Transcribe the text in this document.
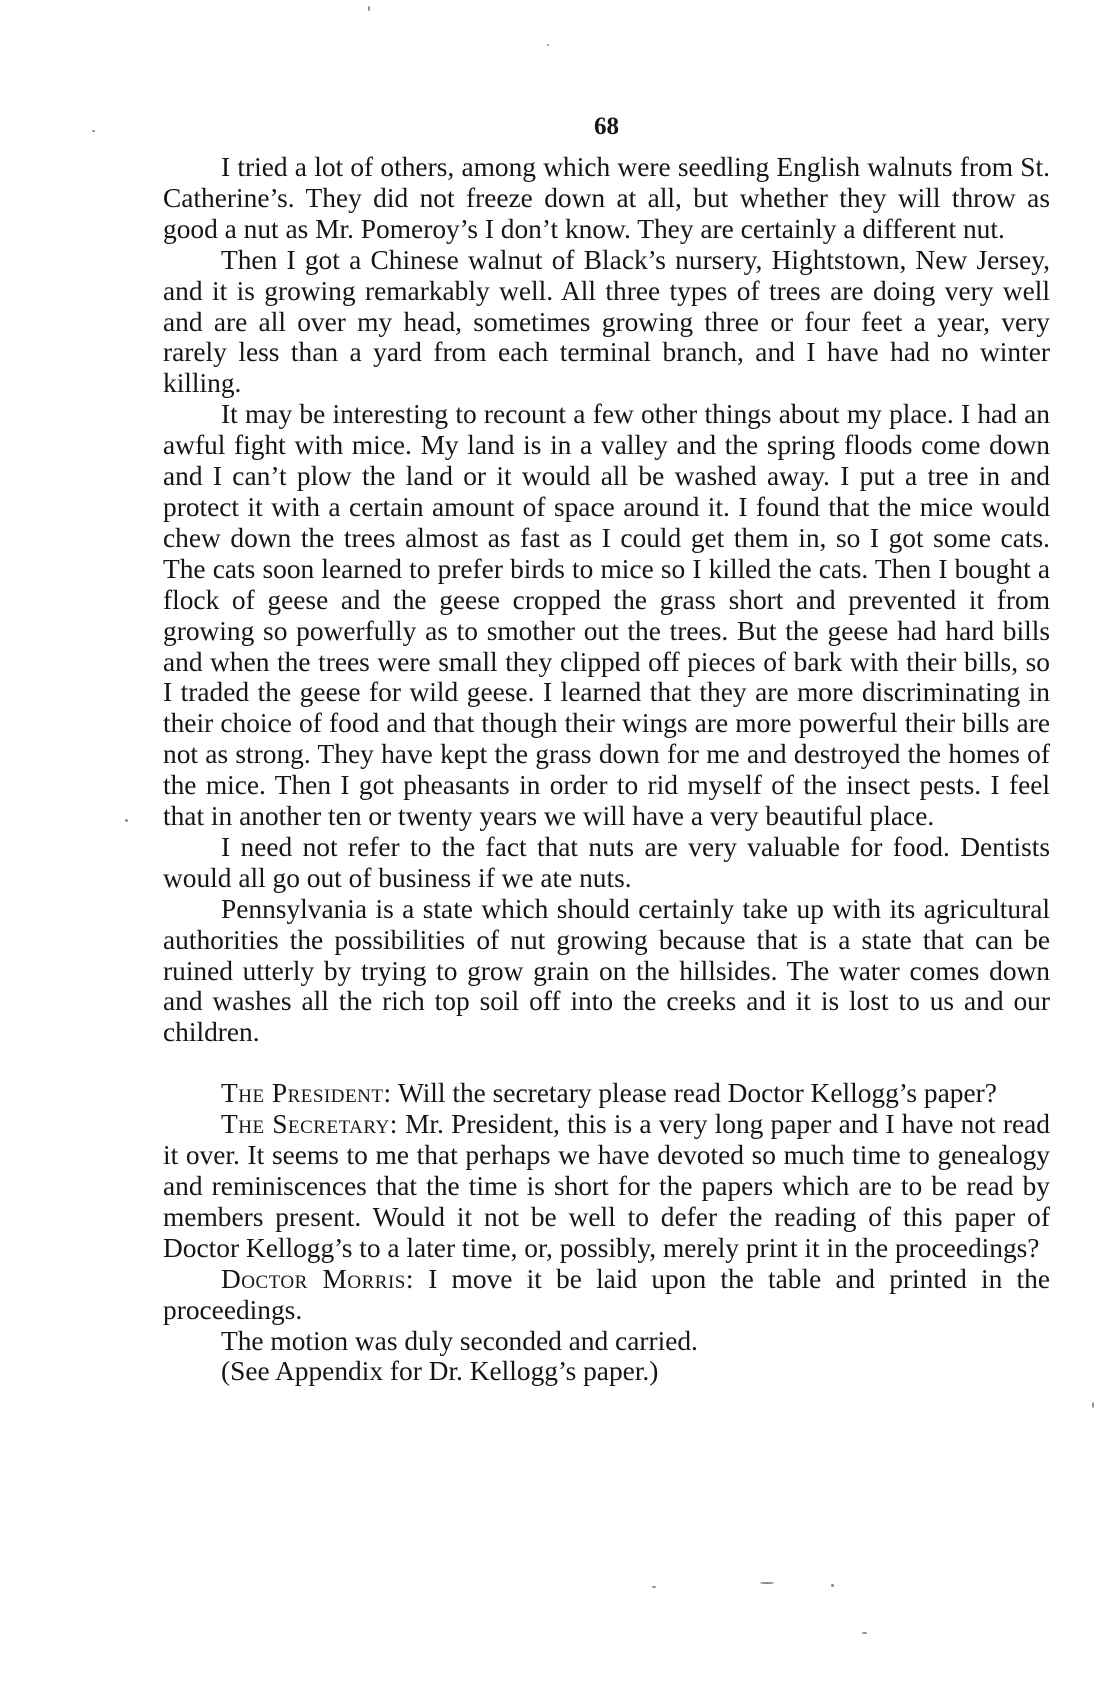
68

I tried a lot of others, among which were seedling English walnuts from St. Catherine’s. They did not freeze down at all, but whether they will throw as good a nut as Mr. Pomeroy’s I don’t know. They are certainly a different nut.

Then I got a Chinese walnut of Black’s nursery, Hightstown, New Jersey, and it is growing remarkably well. All three types of trees are doing very well and are all over my head, sometimes growing three or four feet a year, very rarely less than a yard from each terminal branch, and I have had no winter killing.

It may be interesting to recount a few other things about my place. I had an awful fight with mice. My land is in a valley and the spring floods come down and I can’t plow the land or it would all be washed away. I put a tree in and protect it with a certain amount of space around it. I found that the mice would chew down the trees almost as fast as I could get them in, so I got some cats. The cats soon learned to prefer birds to mice so I killed the cats. Then I bought a flock of geese and the geese cropped the grass short and prevented it from growing so powerfully as to smother out the trees. But the geese had hard bills and when the trees were small they clipped off pieces of bark with their bills, so I traded the geese for wild geese. I learned that they are more discriminating in their choice of food and that though their wings are more powerful their bills are not as strong. They have kept the grass down for me and destroyed the homes of the mice. Then I got pheasants in order to rid myself of the insect pests. I feel that in another ten or twenty years we will have a very beautiful place.

I need not refer to the fact that nuts are very valuable for food. Dentists would all go out of business if we ate nuts.

Pennsylvania is a state which should certainly take up with its agricultural authorities the possibilities of nut growing because that is a state that can be ruined utterly by trying to grow grain on the hillsides. The water comes down and washes all the rich top soil off into the creeks and it is lost to us and our children.

The President: Will the secretary please read Doctor Kellogg’s paper?

The Secretary: Mr. President, this is a very long paper and I have not read it over. It seems to me that perhaps we have devoted so much time to genealogy and reminiscences that the time is short for the papers which are to be read by members present. Would it not be well to defer the reading of this paper of Doctor Kellogg’s to a later time, or, possibly, merely print it in the proceedings?

Doctor Morris: I move it be laid upon the table and printed in the proceedings.

The motion was duly seconded and carried.

(See Appendix for Dr. Kellogg’s paper.)
